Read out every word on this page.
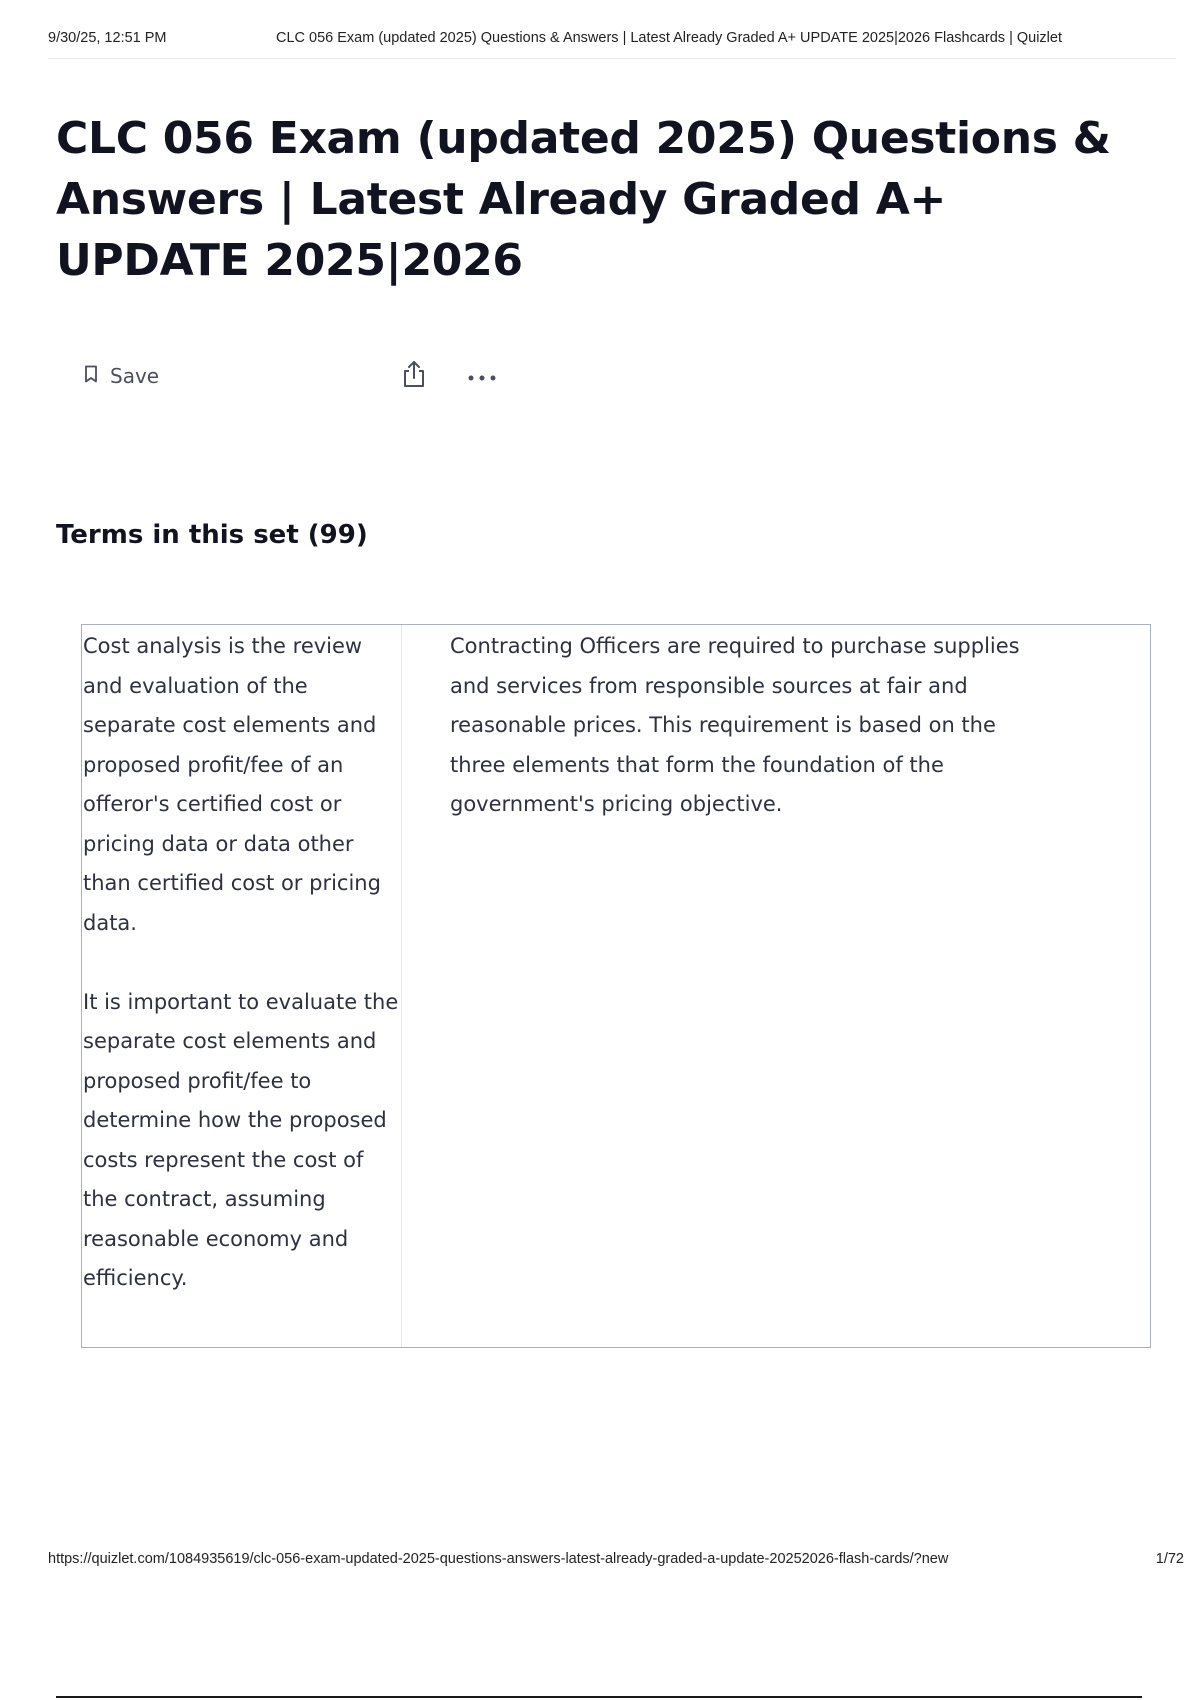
9/30/25, 12:51 PM	CLC 056 Exam (updated 2025) Questions & Answers | Latest Already Graded A+ UPDATE 2025|2026 Flashcards | Quizlet
CLC 056 Exam (updated 2025) Questions & Answers | Latest Already Graded A+ UPDATE 2025|2026
Save
Terms in this set (99)

Cost analysis is the review and evaluation of the separate cost elements and proposed profit/fee of an offeror's certified cost or pricing data or data other than certified cost or pricing data.

It is important to evaluate the separate cost elements and proposed profit/fee to determine how the proposed costs represent the cost of the contract, assuming reasonable economy and efficiency.

Contracting Officers are required to purchase supplies and services from responsible sources at fair and reasonable prices. This requirement is based on the three elements that form the foundation of the government's pricing objective.

https://quizlet.com/1084935619/clc-056-exam-updated-2025-questions-answers-latest-already-graded-a-update-20252026-flash-cards/?new	1/72
